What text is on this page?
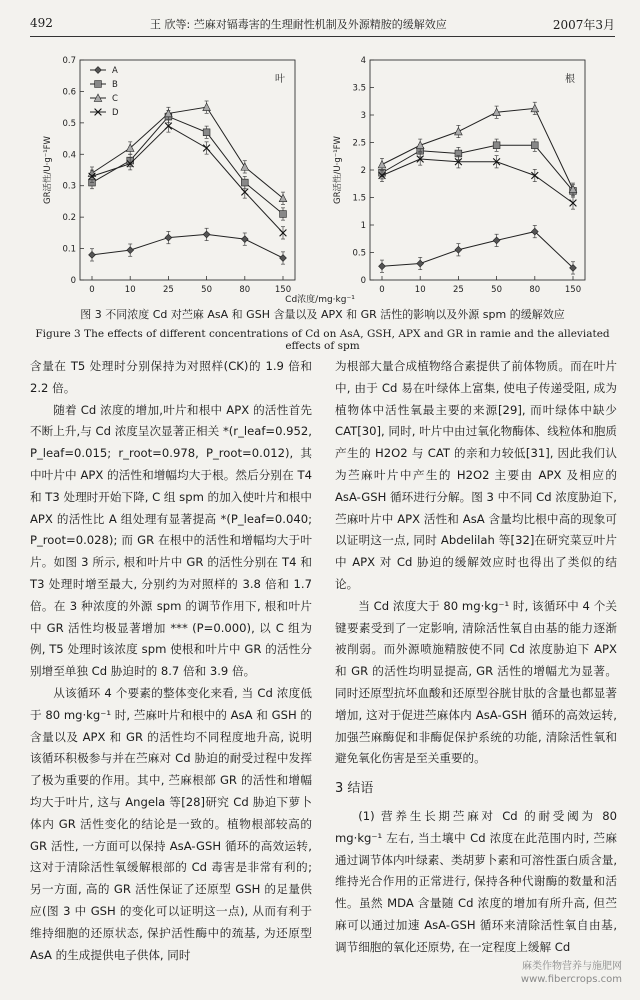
492	王 欣等: 苎麻对镉毒害的生理耐性机制及外源精胺的缓解效应	2007年3月
0
0.1
0.2
0.3
0.4
0.5
0.6
0.7
0	10	25	50	80	150
GR活性/U·g⁻¹FW
叶
A
B
C
D
0
0.5
1
1.5
2
2.5
3
3.5
4
0	10	25	50	80	150
GR活性/U·g⁻¹FW
根
Cd浓度/mg·kg⁻¹
图 3 不同浓度 Cd 对苎麻 AsA 和 GSH 含量以及 APX 和 GR 活性的影响以及外源 spm 的缓解效应
Figure 3 The effects of different concentrations of Cd on AsA, GSH, APX and GR in ramie and the alleviated effects of spm

含量在 T5 处理时分别保持为对照样(CK)的 1.9 倍和 2.2 倍。

随着 Cd 浓度的增加,叶片和根中 APX 的活性首先不断上升,与 Cd 浓度呈次显著正相关 *(r_leaf=0.952, P_leaf=0.015; r_root=0.978, P_root=0.012), 其中叶片中 APX 的活性和增幅均大于根。然后分别在 T4 和 T3 处理时开始下降, C 组 spm 的加入使叶片和根中 APX 的活性比 A 组处理有显著提高 *(P_leaf=0.040; P_root=0.028); 而 GR 在根中的活性和增幅均大于叶片。如图 3 所示, 根和叶片中 GR 的活性分别在 T4 和 T3 处理时增至最大, 分别约为对照样的 3.8 倍和 1.7 倍。在 3 种浓度的外源 spm 的调节作用下, 根和叶片中 GR 活性均极显著增加 *** (P=0.000), 以 C 组为例, T5 处理时该浓度 spm 使根和叶片中 GR 的活性分别增至单独 Cd 胁迫时的 8.7 倍和 3.9 倍。

从该循环 4 个要素的整体变化来看, 当 Cd 浓度低于 80 mg·kg⁻¹ 时, 苎麻叶片和根中的 AsA 和 GSH 的含量以及 APX 和 GR 的活性均不同程度地升高, 说明该循环积极参与并在苎麻对 Cd 胁迫的耐受过程中发挥了极为重要的作用。其中, 苎麻根部 GR 的活性和增幅均大于叶片, 这与 Angela 等[28]研究 Cd 胁迫下萝卜体内 GR 活性变化的结论是一致的。植物根部较高的 GR 活性, 一方面可以保持 AsA-GSH 循环的高效运转, 这对于清除活性氧缓解根部的 Cd 毒害是非常有利的; 另一方面, 高的 GR 活性保证了还原型 GSH 的足量供应(图 3 中 GSH 的变化可以证明这一点), 从而有利于维持细胞的还原状态, 保护活性酶中的巯基, 为还原型 AsA 的生成提供电子供体, 同时

为根部大量合成植物络合素提供了前体物质。而在叶片中, 由于 Cd 易在叶绿体上富集, 使电子传递受阻, 成为植物体中活性氧最主要的来源[29], 而叶绿体中缺少 CAT[30], 同时, 叶片中由过氧化物酶体、线粒体和胞质产生的 H2O2 与 CAT 的亲和力较低[31], 因此我们认为苎麻叶片中产生的 H2O2 主要由 APX 及相应的 AsA-GSH 循环进行分解。图 3 中不同 Cd 浓度胁迫下, 苎麻叶片中 APX 活性和 AsA 含量均比根中高的现象可以证明这一点, 同时 Abdelilah 等[32]在研究菜豆叶片中 APX 对 Cd 胁迫的缓解效应时也得出了类似的结论。

当 Cd 浓度大于 80 mg·kg⁻¹ 时, 该循环中 4 个关键要素受到了一定影响, 清除活性氧自由基的能力逐渐被削弱。而外源喷施精胺使不同 Cd 浓度胁迫下 APX 和 GR 的活性均明显提高, GR 活性的增幅尤为显著。同时还原型抗坏血酸和还原型谷胱甘肽的含量也都显著增加, 这对于促进苎麻体内 AsA-GSH 循环的高效运转, 加强苎麻酶促和非酶促保护系统的功能, 清除活性氧和避免氧化伤害是至关重要的。

3 结语

(1) 营养生长期苎麻对 Cd 的耐受阈为 80 mg·kg⁻¹ 左右, 当土壤中 Cd 浓度在此范围内时, 苎麻通过调节体内叶绿素、类胡萝卜素和可溶性蛋白质含量, 维持光合作用的正常进行, 保持各种代谢酶的数量和活性。虽然 MDA 含量随 Cd 浓度的增加有所升高, 但苎麻可以通过加速 AsA-GSH 循环来清除活性氧自由基, 调节细胞的氧化还原势, 在一定程度上缓解 Cd

麻类作物营养与施肥网
www.fibercrops.com
